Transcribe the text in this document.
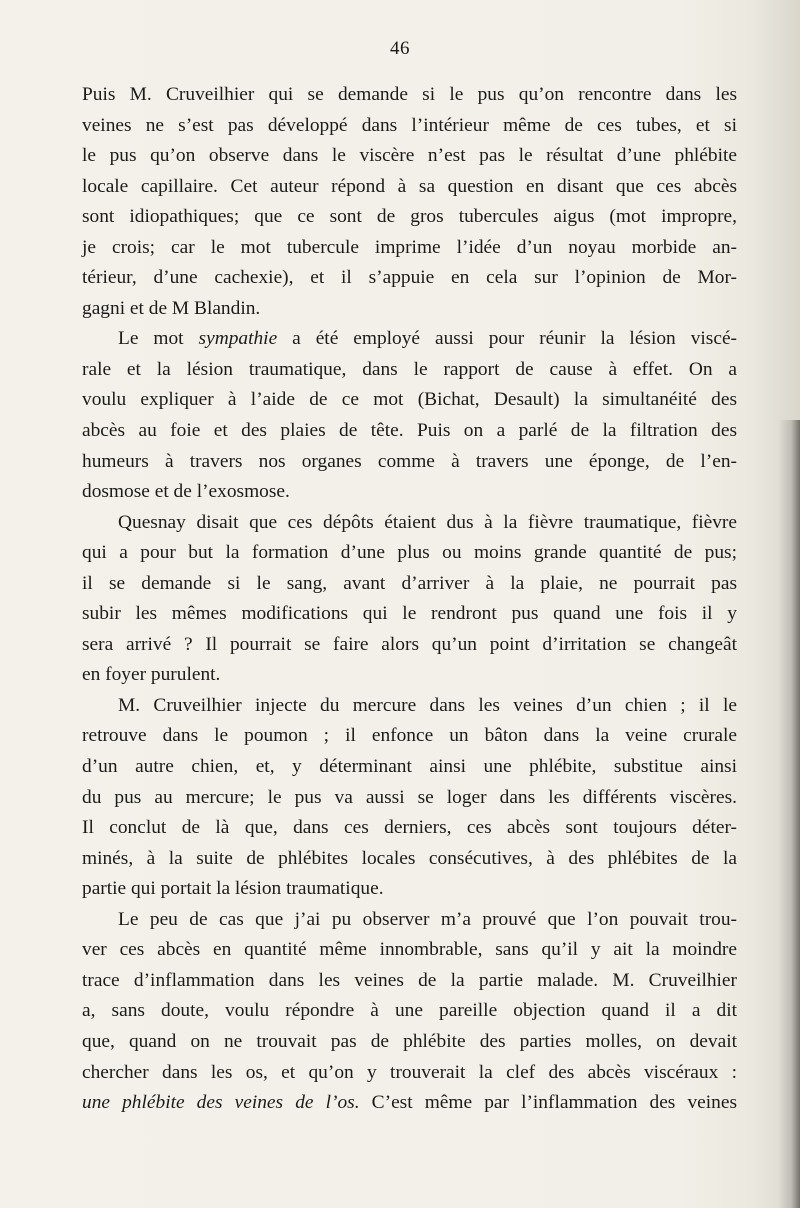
46
Puis M. Cruveilhier qui se demande si le pus qu’on rencontre dans les
veines ne s’est pas développé dans l’intérieur même de ces tubes, et si
le pus qu’on observe dans le viscère n’est pas le résultat d’une phlébite
locale capillaire. Cet auteur répond à sa question en disant que ces abcès
sont idiopathiques; que ce sont de gros tubercules aigus (mot impropre,
je crois; car le mot tubercule imprime l’idée d’un noyau morbide an-
térieur, d’une cachexie), et il s’appuie en cela sur l’opinion de Mor-
gagni et de M Blandin.
Le mot sympathie a été employé aussi pour réunir la lésion viscé-
rale et la lésion traumatique, dans le rapport de cause à effet. On a
voulu expliquer à l’aide de ce mot (Bichat, Desault) la simultanéité des
abcès au foie et des plaies de tête. Puis on a parlé de la filtration des
humeurs à travers nos organes comme à travers une éponge, de l’en-
dosmose et de l’exosmose.
Quesnay disait que ces dépôts étaient dus à la fièvre traumatique, fièvre
qui a pour but la formation d’une plus ou moins grande quantité de pus;
il se demande si le sang, avant d’arriver à la plaie, ne pourrait pas
subir les mêmes modifications qui le rendront pus quand une fois il y
sera arrivé ? Il pourrait se faire alors qu’un point d’irritation se changeât
en foyer purulent.
M. Cruveilhier injecte du mercure dans les veines d’un chien ; il le
retrouve dans le poumon ; il enfonce un bâton dans la veine crurale
d’un autre chien, et, y déterminant ainsi une phlébite, substitue ainsi
du pus au mercure; le pus va aussi se loger dans les différents viscères.
Il conclut de là que, dans ces derniers, ces abcès sont toujours déter-
minés, à la suite de phlébites locales consécutives, à des phlébites de la
partie qui portait la lésion traumatique.
Le peu de cas que j’ai pu observer m’a prouvé que l’on pouvait trou-
ver ces abcès en quantité même innombrable, sans qu’il y ait la moindre
trace d’inflammation dans les veines de la partie malade. M. Cruveilhier
a, sans doute, voulu répondre à une pareille objection quand il a dit
que, quand on ne trouvait pas de phlébite des parties molles, on devait
chercher dans les os, et qu’on y trouverait la clef des abcès viscéraux :
une phlébite des veines de l’os. C’est même par l’inflammation des veines
